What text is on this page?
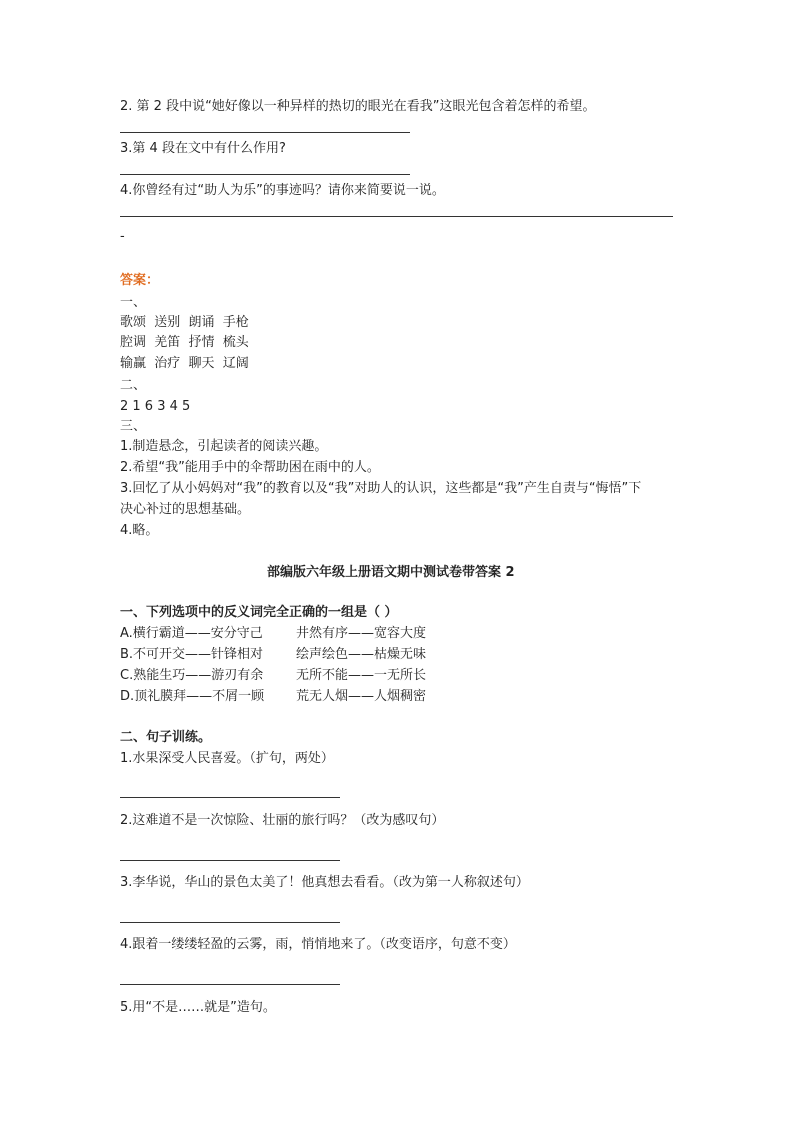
2. 第 2 段中说“她好像以一种异样的热切的眼光在看我”这眼光包含着怎样的希望。
3.第 4 段在文中有什么作用?
4.你曾经有过“助人为乐”的事迹吗？请你来简要说一说。
-
答案：
一、
歌颂  送别  朗诵  手枪
腔调  羌笛  抒情  梳头
输赢  治疗  聊天  辽阔
二、
2 1 6 3 4 5
三、
1.制造悬念，引起读者的阅读兴趣。
2.希望“我”能用手中的伞帮助困在雨中的人。
3.回忆了从小妈妈对“我”的教育以及“我”对助人的认识，这些都是“我”产生自责与“悔悟”下
决心补过的思想基础。
4.略。
部编版六年级上册语文期中测试卷带答案 2
一、下列选项中的反义词完全正确的一组是（ ）
A.横行霸道——安分守己	井然有序——宽容大度
B.不可开交——针锋相对	绘声绘色——枯燥无味
C.熟能生巧——游刃有余	无所不能——一无所长
D.顶礼膜拜——不屑一顾 荒无人烟——人烟稠密
二、句子训练。
1.水果深受人民喜爱。（扩句，两处）
2.这难道不是一次惊险、壮丽的旅行吗？（改为感叹句）
3.李华说，华山的景色太美了！他真想去看看。（改为第一人称叙述句）
4.跟着一缕缕轻盈的云雾，雨，悄悄地来了。（改变语序，句意不变）
5.用“不是……就是”造句。
